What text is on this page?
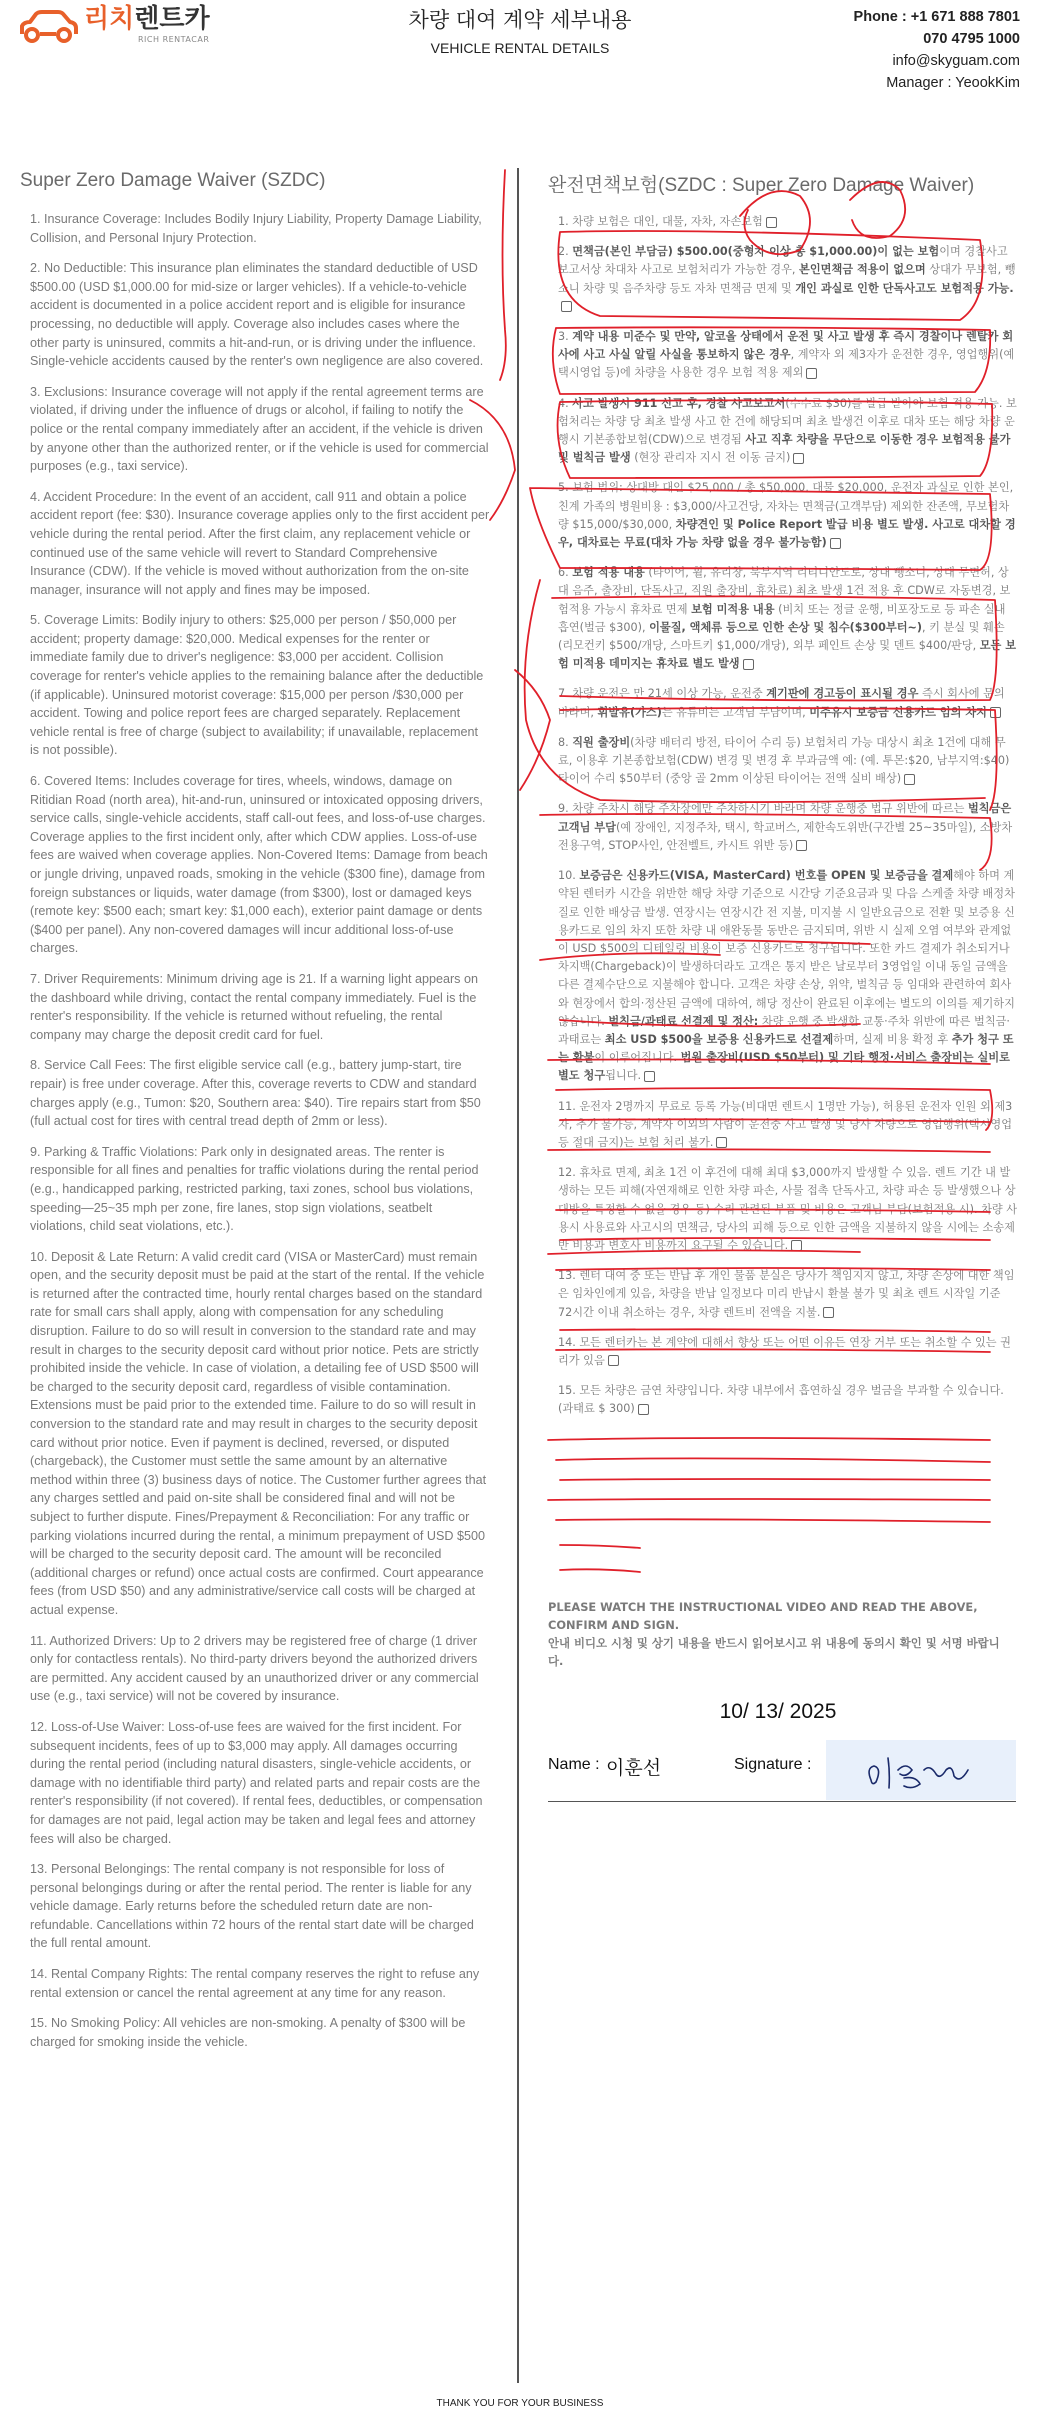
리치렌트카
RICH RENTACAR
차량 대여 계약 세부내용
VEHICLE RENTAL DETAILS
Phone : +1 671 888 7801
070 4795 1000
info@skyguam.com
Manager : YeookKim
Super Zero Damage Waiver (SZDC)

1. Insurance Coverage: Includes Bodily Injury Liability, Property Damage Liability, Collision, and Personal Injury Protection.

2. No Deductible: This insurance plan eliminates the standard deductible of USD $500.00 (USD $1,000.00 for mid-size or larger vehicles). If a vehicle-to-vehicle accident is documented in a police accident report and is eligible for insurance processing, no deductible will apply. Coverage also includes cases where the other party is uninsured, commits a hit-and-run, or is driving under the influence. Single-vehicle accidents caused by the renter's own negligence are also covered.

3. Exclusions: Insurance coverage will not apply if the rental agreement terms are violated, if driving under the influence of drugs or alcohol, if failing to notify the police or the rental company immediately after an accident, if the vehicle is driven by anyone other than the authorized renter, or if the vehicle is used for commercial purposes (e.g., taxi service).

4. Accident Procedure: In the event of an accident, call 911 and obtain a police accident report (fee: $30). Insurance coverage applies only to the first accident per vehicle during the rental period. After the first claim, any replacement vehicle or continued use of the same vehicle will revert to Standard Comprehensive Insurance (CDW). If the vehicle is moved without authorization from the on-site manager, insurance will not apply and fines may be imposed.

5. Coverage Limits: Bodily injury to others: $25,000 per person / $50,000 per accident; property damage: $20,000. Medical expenses for the renter or immediate family due to driver's negligence: $3,000 per accident. Collision coverage for renter's vehicle applies to the remaining balance after the deductible (if applicable). Uninsured motorist coverage: $15,000 per person /$30,000 per accident. Towing and police report fees are charged separately. Replacement vehicle rental is free of charge (subject to availability; if unavailable, replacement is not possible).

6. Covered Items: Includes coverage for tires, wheels, windows, damage on Ritidian Road (north area), hit-and-run, uninsured or intoxicated opposing drivers, service calls, single-vehicle accidents, staff call-out fees, and loss-of-use charges. Coverage applies to the first incident only, after which CDW applies. Loss-of-use fees are waived when coverage applies. Non-Covered Items: Damage from beach or jungle driving, unpaved roads, smoking in the vehicle ($300 fine), damage from foreign substances or liquids, water damage (from $300), lost or damaged keys (remote key: $500 each; smart key: $1,000 each), exterior paint damage or dents ($400 per panel). Any non-covered damages will incur additional loss-of-use charges.

7. Driver Requirements: Minimum driving age is 21. If a warning light appears on the dashboard while driving, contact the rental company immediately. Fuel is the renter's responsibility. If the vehicle is returned without refueling, the rental company may charge the deposit credit card for fuel.

8. Service Call Fees: The first eligible service call (e.g., battery jump-start, tire repair) is free under coverage. After this, coverage reverts to CDW and standard charges apply (e.g., Tumon: $20, Southern area: $40). Tire repairs start from $50 (full actual cost for tires with central tread depth of 2mm or less).

9. Parking & Traffic Violations: Park only in designated areas. The renter is responsible for all fines and penalties for traffic violations during the rental period (e.g., handicapped parking, restricted parking, taxi zones, school bus violations, speeding—25~35 mph per zone, fire lanes, stop sign violations, seatbelt violations, child seat violations, etc.).

10. Deposit & Late Return: A valid credit card (VISA or MasterCard) must remain open, and the security deposit must be paid at the start of the rental. If the vehicle is returned after the contracted time, hourly rental charges based on the standard rate for small cars shall apply, along with compensation for any scheduling disruption. Failure to do so will result in conversion to the standard rate and may result in charges to the security deposit card without prior notice. Pets are strictly prohibited inside the vehicle. In case of violation, a detailing fee of USD $500 will be charged to the security deposit card, regardless of visible contamination. Extensions must be paid prior to the extended time. Failure to do so will result in conversion to the standard rate and may result in charges to the security deposit card without prior notice. Even if payment is declined, reversed, or disputed (chargeback), the Customer must settle the same amount by an alternative method within three (3) business days of notice. The Customer further agrees that any charges settled and paid on-site shall be considered final and will not be subject to further dispute. Fines/Prepayment & Reconciliation: For any traffic or parking violations incurred during the rental, a minimum prepayment of USD $500 will be charged to the security deposit card. The amount will be reconciled (additional charges or refund) once actual costs are confirmed. Court appearance fees (from USD $50) and any administrative/service call costs will be charged at actual expense.

11. Authorized Drivers: Up to 2 drivers may be registered free of charge (1 driver only for contactless rentals). No third-party drivers beyond the authorized drivers are permitted. Any accident caused by an unauthorized driver or any commercial use (e.g., taxi service) will not be covered by insurance.

12. Loss-of-Use Waiver: Loss-of-use fees are waived for the first incident. For subsequent incidents, fees of up to $3,000 may apply. All damages occurring during the rental period (including natural disasters, single-vehicle accidents, or damage with no identifiable third party) and related parts and repair costs are the renter's responsibility (if not covered). If rental fees, deductibles, or compensation for damages are not paid, legal action may be taken and legal fees and attorney fees will also be charged.

13. Personal Belongings: The rental company is not responsible for loss of personal belongings during or after the rental period. The renter is liable for any vehicle damage. Early returns before the scheduled return date are non-refundable. Cancellations within 72 hours of the rental start date will be charged the full rental amount.

14. Rental Company Rights: The rental company reserves the right to refuse any rental extension or cancel the rental agreement at any time for any reason.

15. No Smoking Policy: All vehicles are non-smoking. A penalty of $300 will be charged for smoking inside the vehicle.

완전면책보험(SZDC : Super Zero Damage Waiver)

1. 차량 보험은 대인, 대물, 자차, 자손보험

2. 면책금(본인 부담금) $500.00(중형차 이상 총 $1,000.00)이 없는 보험이며 경찰사고보고서상 차대차 사고로 보험처리가 가능한 경우, 본인면책금 적용이 없으며 상대가 무보험, 뺑소니 차량 및 음주차량 등도 자차 면책금 면제 및 개인 과실로 인한 단독사고도 보험적용 가능.

3. 계약 내용 미준수 및 만약, 알코올 상태에서 운전 및 사고 발생 후 즉시 경찰이나 렌탈카 회사에 사고 사실 알릴 사실을 통보하지 않은 경우, 계약자 외 제3자가 운전한 경우, 영업행위(예 택시영업 등)에 차량을 사용한 경우 보험 적용 제외

4. 사고 발생시 911 신고 후, 경찰 사고보고서(수수료 $30)를 발급 받아야 보험 적용 가능. 보험처리는 차량 당 최초 발생 사고 한 건에 해당되며 최초 발생건 이후로 대차 또는 해당 차량 운행시 기본종합보험(CDW)으로 변경됨 사고 직후 차량을 무단으로 이동한 경우 보험적용 불가 및 벌칙금 발생 (현장 관리자 지시 전 이동 금지)

5. 보험 범위: 상대방 대인 $25,000 / 총 $50,000, 대물 $20,000, 운전자 과실로 인한 본인, 친계 가족의 병원비용 : $3,000/사고건당, 자차는 면책금(고객부담) 제외한 잔존액, 무보험차량 $15,000/$30,000, 차량견인 및 Police Report 발급 비용 별도 발생. 사고로 대차할 경우, 대차료는 무료(대차 가능 차량 없을 경우 불가능함)

6. 보험 적용 내용 (타이어, 휠, 유리창, 북부지역 리티디안도로, 상대 뺑소니, 상대 무면허, 상대 음주, 출장비, 단독사고, 직원 출장비, 휴차료) 최초 발생 1건 적용 후 CDW로 자동변경, 보험적용 가능시 휴차료 면제 보험 미적용 내용 (비치 또는 정글 운행, 비포장도로 등 파손 실내 흡연(벌금 $300), 이물질, 액체류 등으로 인한 손상 및 침수($300부터~), 키 분실 및 훼손(리모컨키 $500/개당, 스마트키 $1,000/개당), 외부 페인트 손상 및 덴트 $400/판당, 모든 보험 미적용 데미지는 휴차료 별도 발생

7. 차량 운전은 만 21세 이상 가능, 운전중 계기판에 경고등이 표시될 경우 즉시 회사에 문의 바라며, 휘발유(가스)는 유류비는 고객님 부담이며, 미주유시 보증금 신용카드 임의 차지

8. 직원 출장비(차량 배터리 방전, 타이어 수리 등) 보험처리 가능 대상시 최초 1건에 대해 무료, 이용후 기본종합보험(CDW) 변경 및 변경 후 부과금액 예: (예. 투몬:$20, 남부지역:$40) 타이어 수리 $50부터 (중앙 골 2mm 이상된 타이어는 전액 실비 배상)

9. 차량 주차시 해당 주차장에만 주차하시기 바라며 차량 운행중 법규 위반에 따르는 벌칙금은 고객님 부담(예 장애인, 지정주차, 택시, 학교버스, 제한속도위반(구간별 25~35마일), 소방차전용구역, STOP사인, 안전벨트, 카시트 위반 등)

10. 보증금은 신용카드(VISA, MasterCard) 번호를 OPEN 및 보증금을 결제해야 하며 계약된 렌터카 시간을 위반한 해당 차량 기준으로 시간당 기준요금과 및 다음 스케줄 차량 배정차질로 인한 배상금 발생. 연장시는 연장시간 전 지불, 미지불 시 일반요금으로 전환 및 보증용 신용카드로 임의 차지 또한 차량 내 애완동물 동반은 금지되며, 위반 시 실제 오염 여부와 관계없이 USD $500의 디테일링 비용이 보증 신용카드로 청구됩니다. 또한 카드 결제가 취소되거나 차지백(Chargeback)이 발생하더라도 고객은 통지 받은 날로부터 3영업일 이내 동일 금액을 다른 결제수단으로 지불해야 합니다. 고객은 차량 손상, 위약, 벌칙금 등 임대와 관련하여 회사와 현장에서 합의·정산된 금액에 대하여, 해당 정산이 완료된 이후에는 별도의 이의를 제기하지 않습니다. 벌칙금/과태료 선결제 및 정산: 차량 운행 중 발생한 교통·주차 위반에 따른 벌칙금·과태료는 최소 USD $500을 보증용 신용카드로 선결제하며, 실제 비용 확정 후 추가 청구 또는 환불이 이루어집니다. 법원 출장비(USD $50부터) 및 기타 행정·서비스 출장비는 실비로 별도 청구됩니다.

11. 운전자 2명까지 무료로 등록 가능(비대면 렌트시 1명만 가능), 허용된 운전자 인원 외 제3자, 추가 불가능, 계약자 이외의 사람이 운전중 사고 발생 및 당사 차량으로 영업행위(택시영업 등 절대 금지)는 보험 처리 불가.

12. 휴차료 면제, 최초 1건 이 후건에 대해 최대 $3,000까지 발생할 수 있음. 렌트 기간 내 발생하는 모든 피해(자연재해로 인한 차량 파손, 사물 접촉 단독사고, 차량 파손 등 발생했으나 상대방을 특정할 수 없을 경우 등) 수리 관련된 부품 및 비용은 고객님 부담(보험적용 시). 차량 사용시 사용료와 사고시의 면책금, 당사의 피해 등으로 인한 금액을 지불하지 않을 시에는 소송제반 비용과 변호사 비용까지 요구될 수 있습니다.

13. 렌터 대여 중 또는 반납 후 개인 물품 분실은 당사가 책임지지 않고, 차량 손상에 대한 책임은 임차인에게 있음, 차량을 반납 일정보다 미리 반납시 환불 불가 및 최초 렌트 시작일 기준 72시간 이내 취소하는 경우, 차량 렌트비 전액을 지불.

14. 모든 렌터카는 본 계약에 대해서 향상 또는 어떤 이유든 연장 거부 또는 취소할 수 있는 권리가 있음

15. 모든 차량은 금연 차량입니다. 차량 내부에서 흡연하실 경우 벌금을 부과할 수 있습니다. (과태료 $ 300)

PLEASE WATCH THE INSTRUCTIONAL VIDEO AND READ THE ABOVE, CONFIRM AND SIGN.
안내 비디오 시청 및 상기 내용을 반드시 읽어보시고 위 내용에 동의시 확인 및 서명 바랍니다.
10/ 13/ 2025
Name : 이훈선	Signature :
THANK YOU FOR YOUR BUSINESS
